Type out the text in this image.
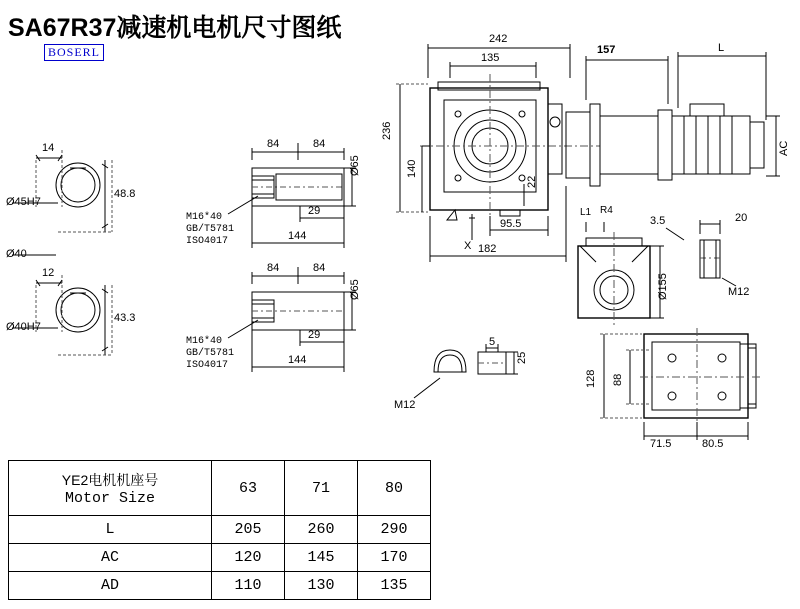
SA67R37减速机电机尺寸图纸
BOSERL
14
Ø45H7
48.8
Ø40
12
Ø40H7
43.3
84	84
M16*40
GB/T5781
ISO4017
29
144
Ø65
84	84
M16*40
GB/T5781
ISO4017
29
144
Ø65
242
135
157	L
236
140
22
95.5
182
AC
X
L1 R4
3.5	20
Ø155	M12
5
25
M12
128 88
71.5	80.5
YE2电机机座号
Motor Size	63	71	80
L	205	260	290
AC	120	145	170
AD	110	130	135
